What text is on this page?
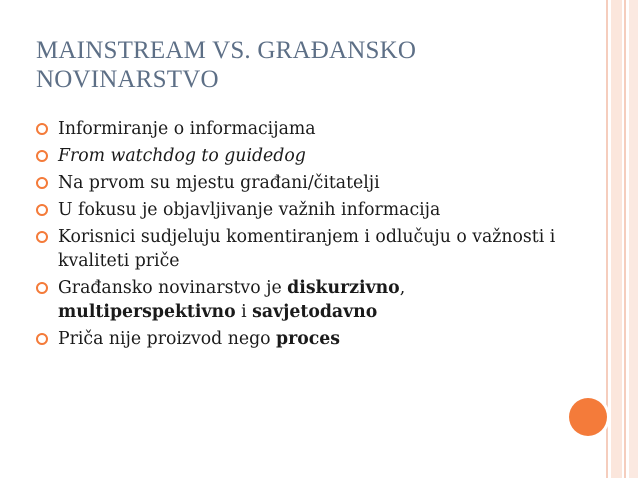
MAINSTREAM VS. GRAĐANSKO NOVINARSTVO
Informiranje o informacijama
From watchdog to guidedog
Na prvom su mjestu građani/čitatelji
U fokusu je objavljivanje važnih informacija
Korisnici sudjeluju komentiranjem i odlučuju o važnosti i kvaliteti priče
Građansko novinarstvo je diskurzivno, multiperspektivno i savjetodavno
Priča nije proizvod nego proces
